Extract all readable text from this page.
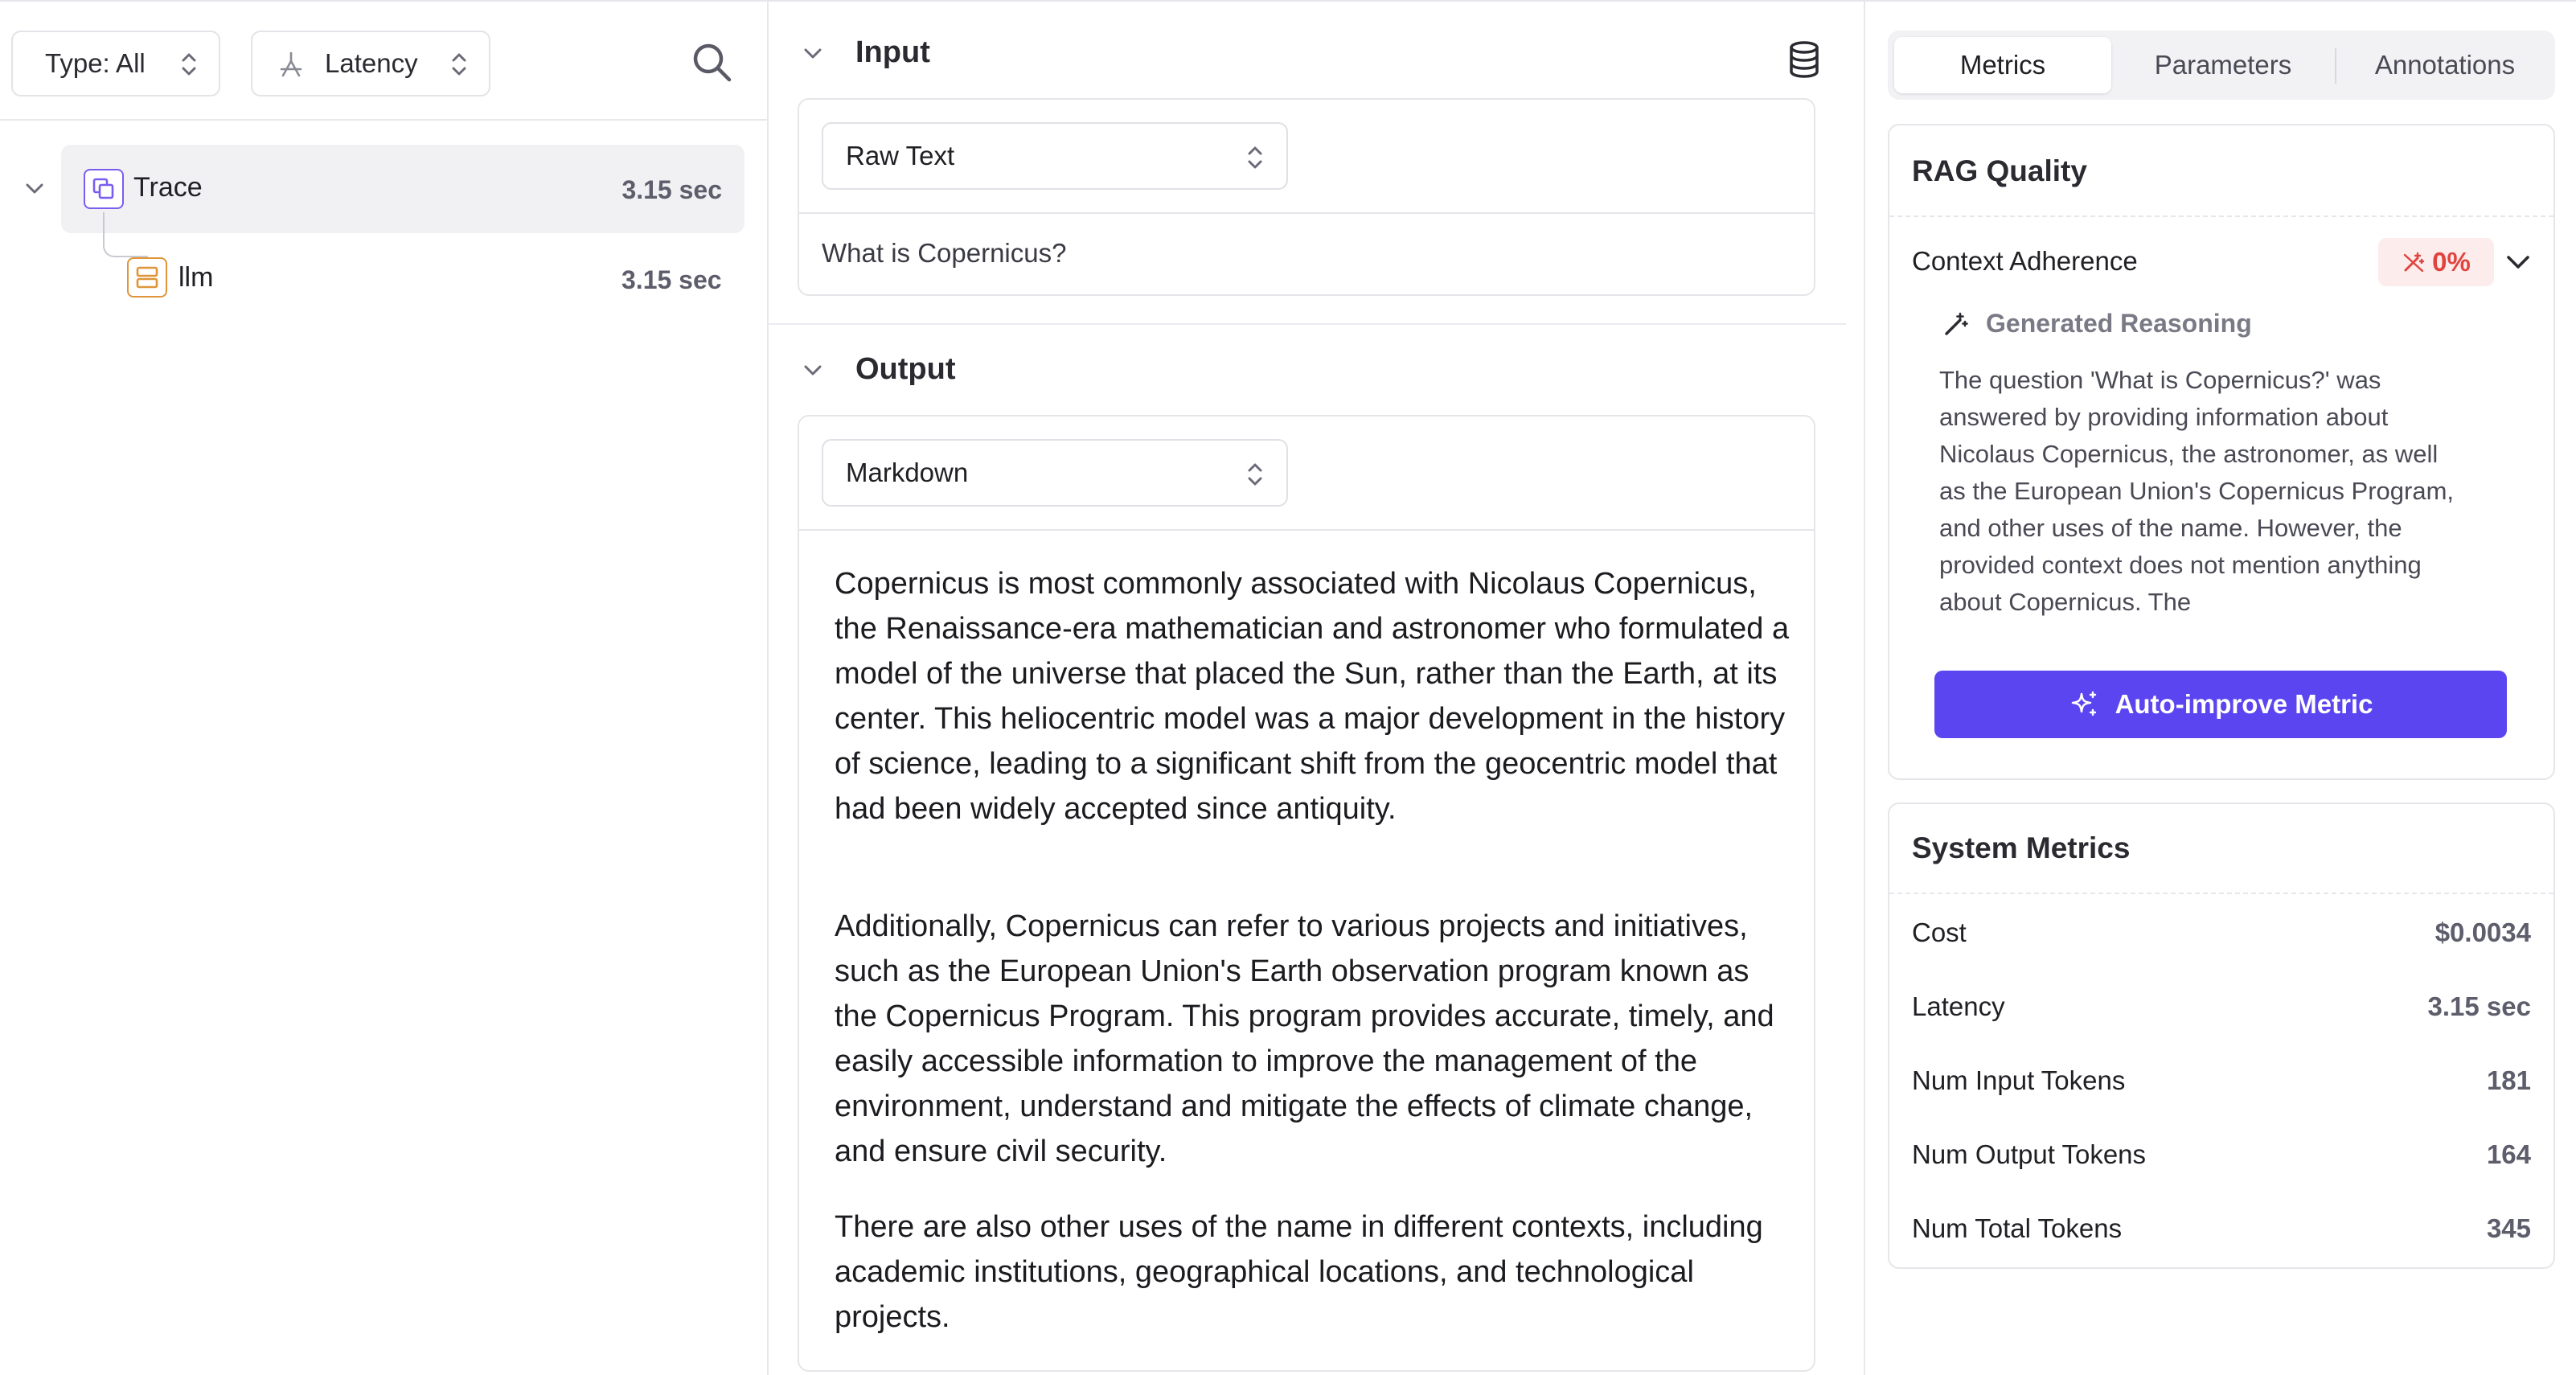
Type: All	Latency
Trace	3.15 sec
llm	3.15 sec
Input
Raw Text
What is Copernicus?
Output
Markdown

Copernicus is most commonly associated with Nicolaus Copernicus, the Renaissance-era mathematician and astronomer who formulated a model of the universe that placed the Sun, rather than the Earth, at its center. This heliocentric model was a major development in the history of science, leading to a significant shift from the geocentric model that had been widely accepted since antiquity.

Additionally, Copernicus can refer to various projects and initiatives, such as the European Union's Earth observation program known as the Copernicus Program. This program provides accurate, timely, and easily accessible information to improve the management of the environment, understand and mitigate the effects of climate change, and ensure civil security.

There are also other uses of the name in different contexts, including academic institutions, geographical locations, and technological projects.

Metrics	Parameters	Annotations
RAG Quality
Context Adherence	0%
Generated Reasoning
The question 'What is Copernicus?' was answered by providing information about Nicolaus Copernicus, the astronomer, as well as the European Union's Copernicus Program, and other uses of the name. However, the provided context does not mention anything about Copernicus. The
Auto-improve Metric
System Metrics
Cost	$0.0034
Latency	3.15 sec
Num Input Tokens	181
Num Output Tokens	164
Num Total Tokens	345
